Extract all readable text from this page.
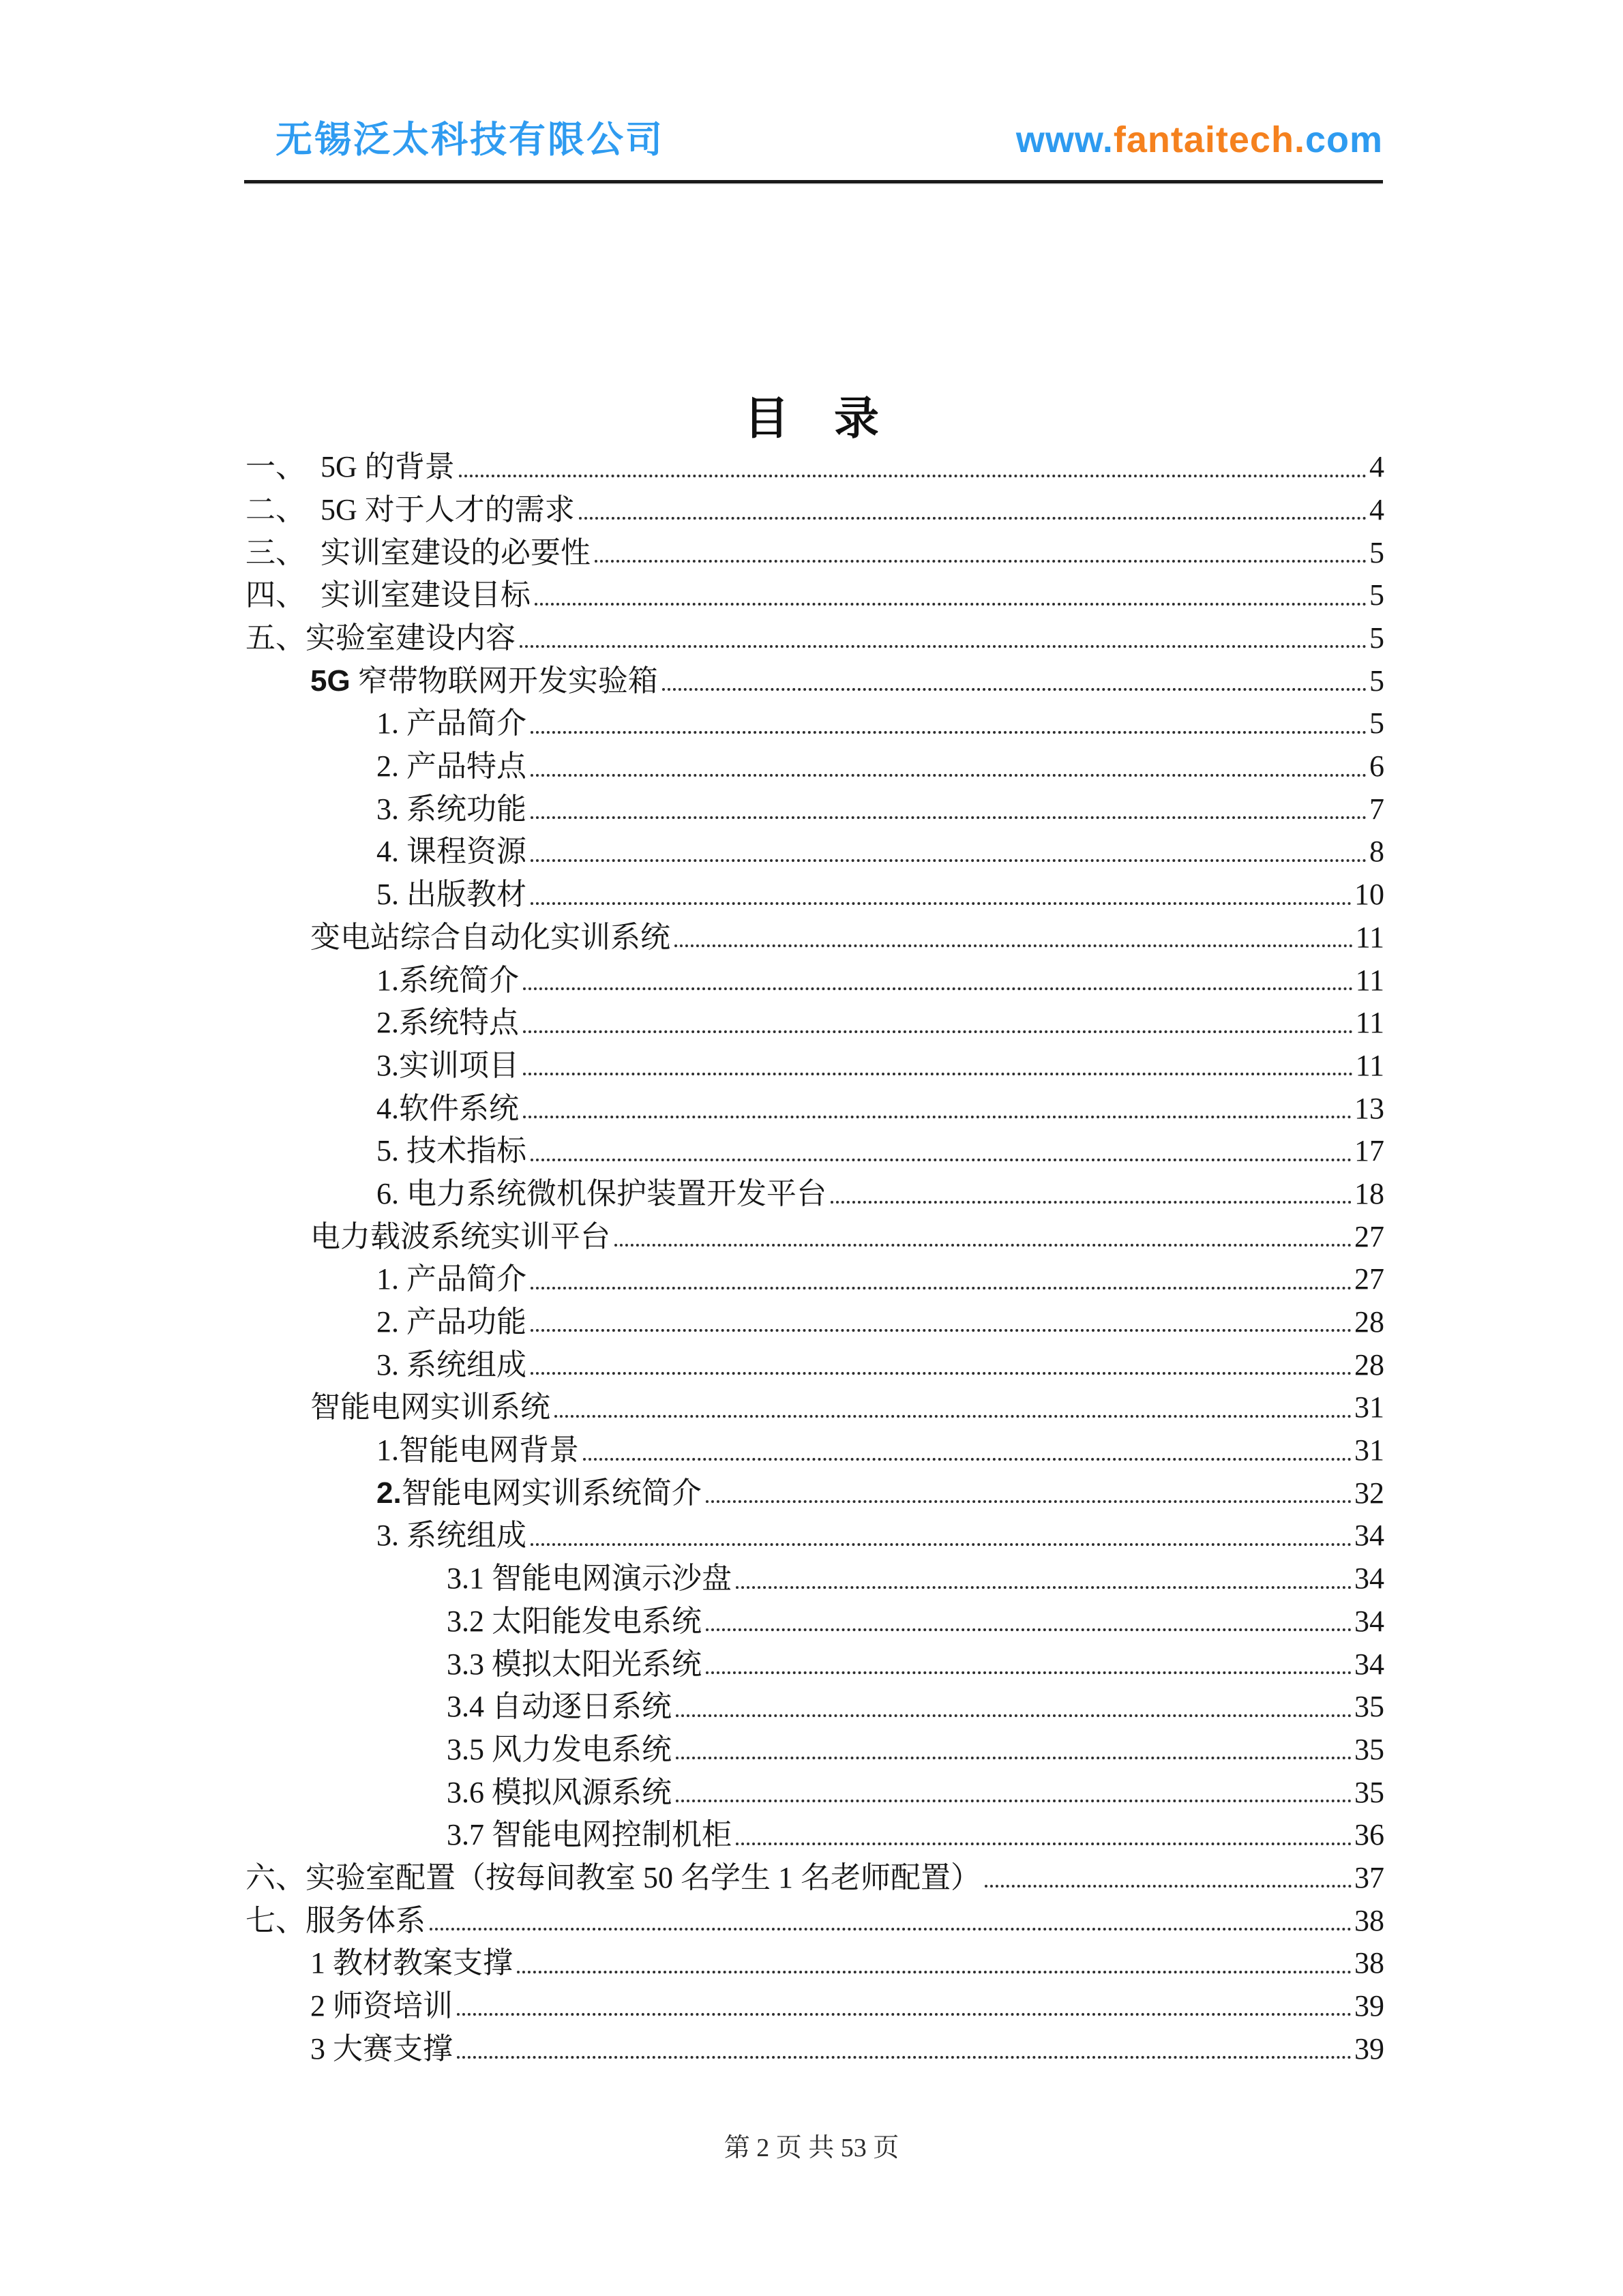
无锡泛太科技有限公司	www.fantaitech.com
目　录
一、　5G 的背景	4
二、　5G 对于人才的需求	4
三、　实训室建设的必要性	5
四、　实训室建设目标	5
五、实验室建设内容	5
5G 窄带物联网开发实验箱	5
1. 产品简介	5
2. 产品特点	6
3. 系统功能	7
4. 课程资源	8
5. 出版教材	10
变电站综合自动化实训系统	11
1.系统简介	11
2.系统特点	11
3.实训项目	11
4.软件系统	13
5. 技术指标	17
6. 电力系统微机保护装置开发平台	18
电力载波系统实训平台	27
1. 产品简介	27
2. 产品功能	28
3. 系统组成	28
智能电网实训系统	31
1.智能电网背景	31
2.智能电网实训系统简介	32
3. 系统组成	34
3.1 智能电网演示沙盘	34
3.2 太阳能发电系统	34
3.3 模拟太阳光系统	34
3.4 自动逐日系统	35
3.5 风力发电系统	35
3.6 模拟风源系统	35
3.7 智能电网控制机柜	36
六、实验室配置（按每间教室 50 名学生 1 名老师配置）	37
七、服务体系	38
1 教材教案支撑	38
2 师资培训	39
3 大赛支撑	39
第 2 页 共 53 页
